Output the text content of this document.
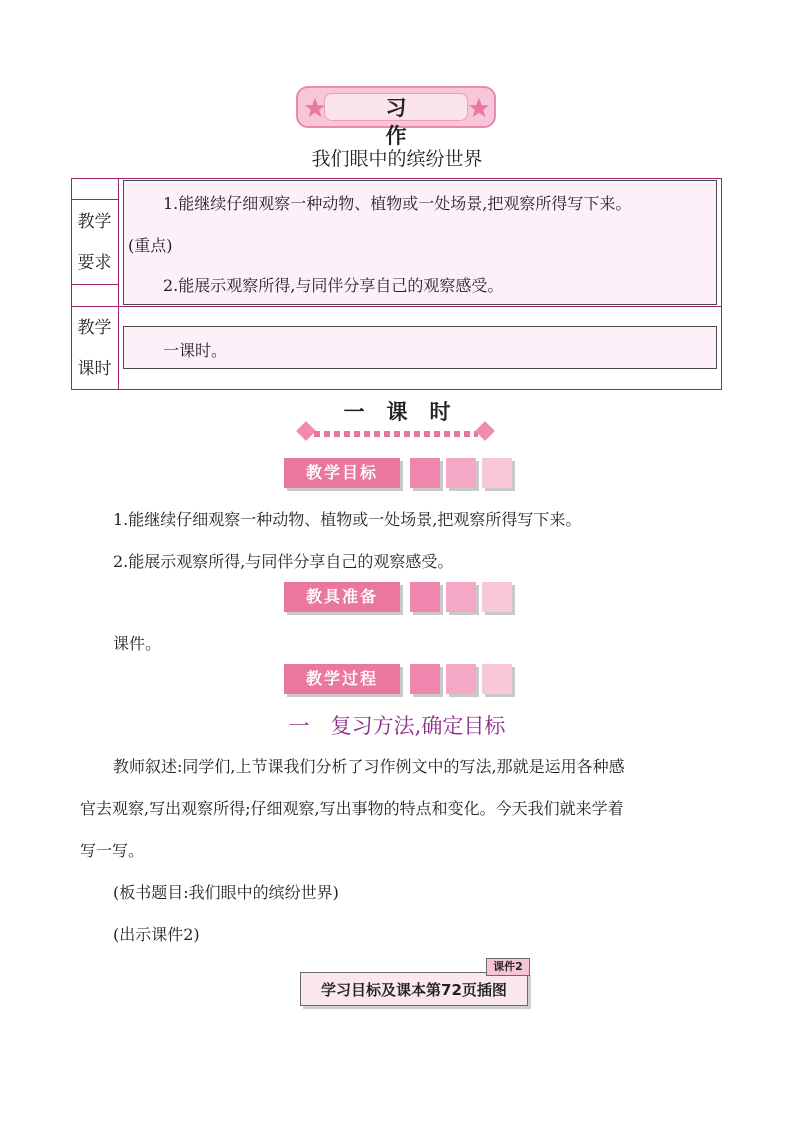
习作
我们眼中的缤纷世界
教学
要求
教学
课时
1.能继续仔细观察一种动物、植物或一处场景,把观察所得写下来。
(重点)
2.能展示观察所得,与同伴分享自己的观察感受。
一课时。
一课时
教学目标
1.能继续仔细观察一种动物、植物或一处场景,把观察所得写下来。
2.能展示观察所得,与同伴分享自己的观察感受。
教具准备
课件。
教学过程
一　复习方法,确定目标
教师叙述:同学们,上节课我们分析了习作例文中的写法,那就是运用各种感
官去观察,写出观察所得;仔细观察,写出事物的特点和变化。今天我们就来学着
写一写。
(板书题目:我们眼中的缤纷世界)
(出示课件2)
学习目标及课本第72页插图
课件2
